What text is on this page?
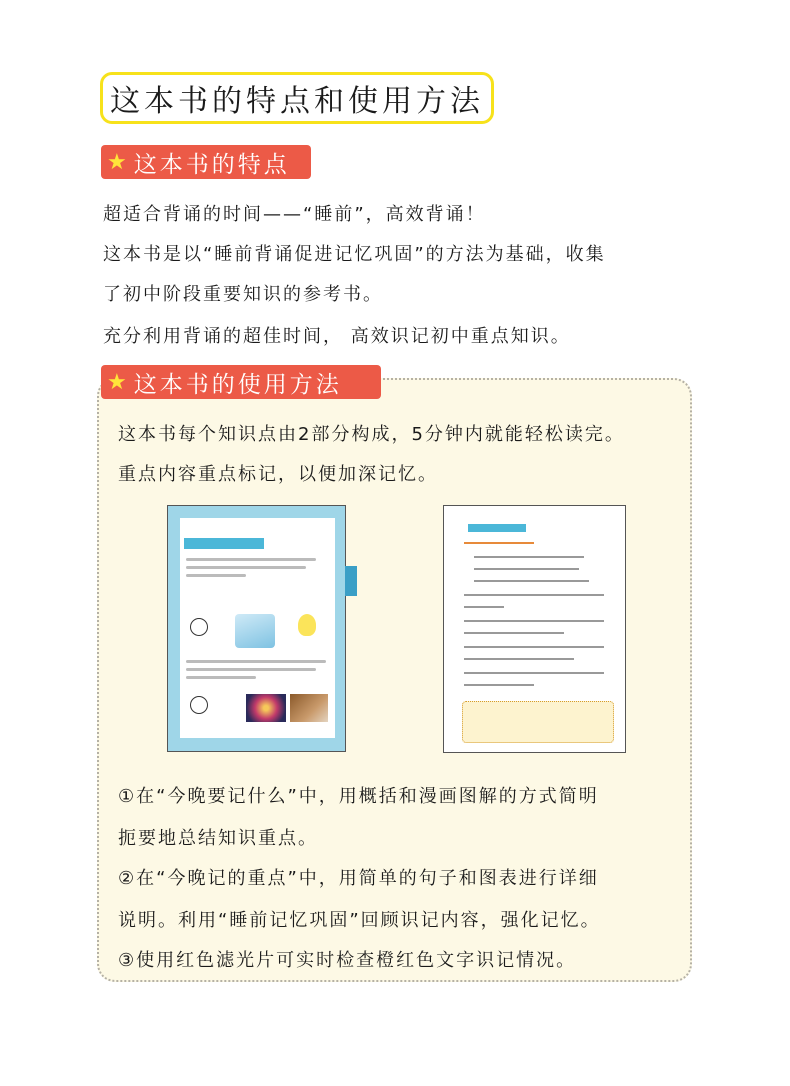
这本书的特点和使用方法
★ 这本书的特点
超适合背诵的时间——“睡前”，高效背诵！
这本书是以“睡前背诵促进记忆巩固”的方法为基础，收集
了初中阶段重要知识的参考书。
充分利用背诵的超佳时间， 高效识记初中重点知识。
★ 这本书的使用方法
这本书每个知识点由2部分构成，5分钟内就能轻松读完。
重点内容重点标记，以便加深记忆。
①在“今晚要记什么”中，用概括和漫画图解的方式简明
扼要地总结知识重点。
②在“今晚记的重点”中，用简单的句子和图表进行详细
说明。利用“睡前记忆巩固”回顾识记内容，强化记忆。
③使用红色滤光片可实时检查橙红色文字识记情况。
